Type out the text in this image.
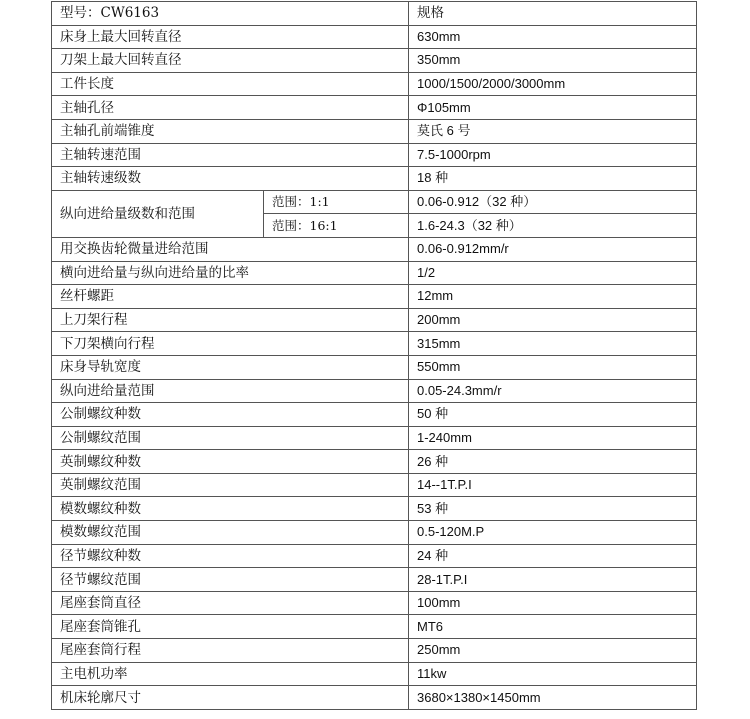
型号：CW6163		规格
床身上最大回转直径		630mm
刀架上最大回转直径		350mm
工件长度		1000/1500/2000/3000mm
主轴孔径		Φ105mm
主轴孔前端锥度		莫氏 6 号
主轴转速范围		7.5-1000rpm
主轴转速级数		18 种
纵向进给量级数和范围	范围：1:1	0.06-0.912（32 种）
	范围：16:1	1.6-24.3（32 种）
用交换齿轮微量进给范围		0.06-0.912mm/r
横向进给量与纵向进给量的比率		1/2
丝杆螺距		12mm
上刀架行程		200mm
下刀架横向行程		315mm
床身导轨宽度		550mm
纵向进给量范围		0.05-24.3mm/r
公制螺纹种数		50 种
公制螺纹范围		1-240mm
英制螺纹种数		26 种
英制螺纹范围		14--1T.P.I
模数螺纹种数		53 种
模数螺纹范围		0.5-120M.P
径节螺纹种数		24 种
径节螺纹范围		28-1T.P.I
尾座套筒直径		100mm
尾座套筒锥孔		MT6
尾座套筒行程		250mm
主电机功率		11kw
机床轮廓尺寸		3680×1380×1450mm
